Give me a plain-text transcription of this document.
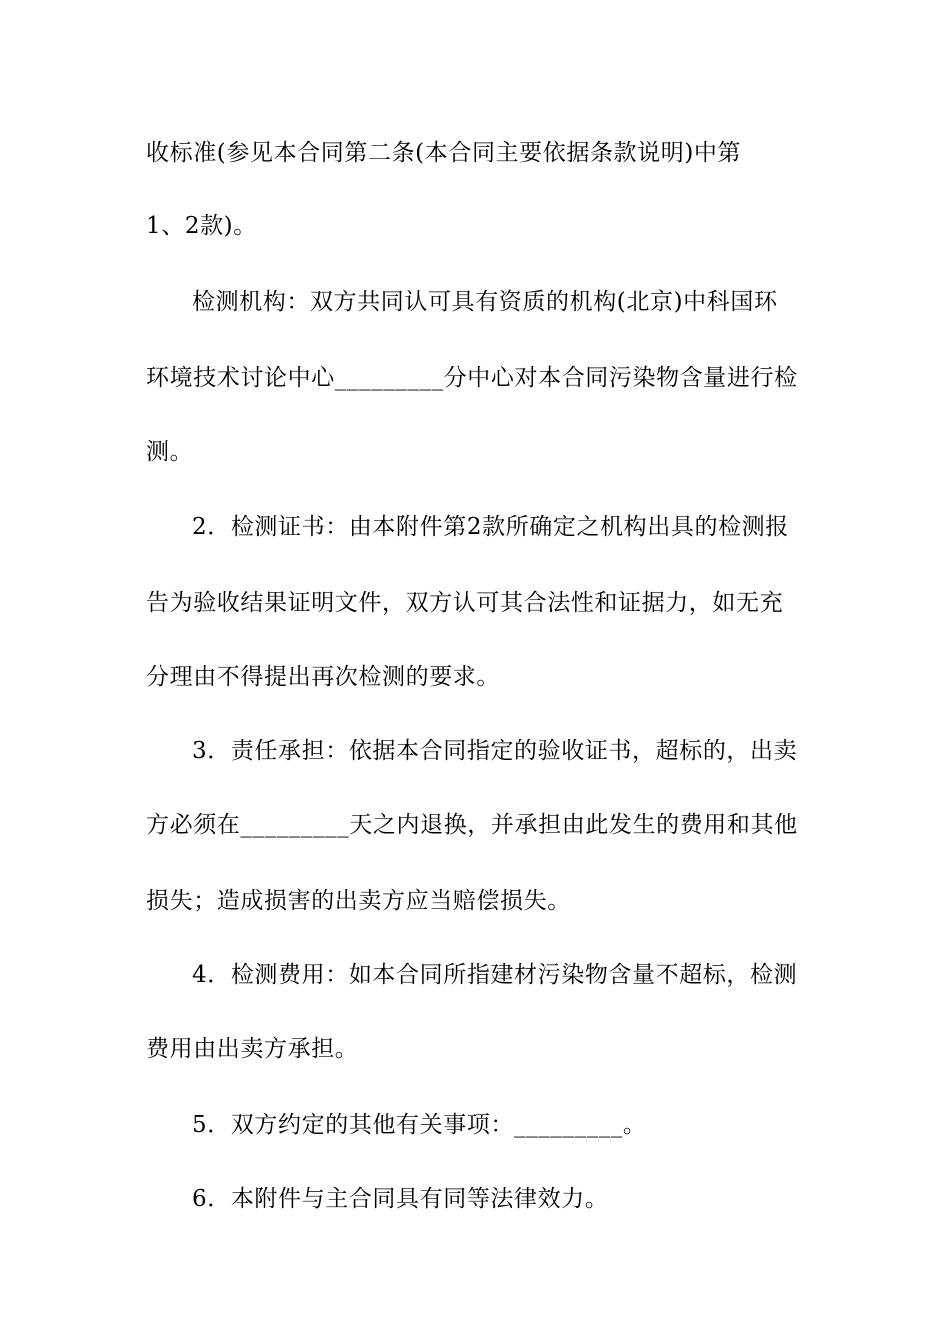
收标准(参见本合同第二条(本合同主要依据条款说明)中第
1、2款)。
检测机构：双方共同认可具有资质的机构(北京)中科国环
环境技术讨论中心_________分中心对本合同污染物含量进行检
测。
2．检测证书：由本附件第2款所确定之机构出具的检测报
告为验收结果证明文件，双方认可其合法性和证据力，如无充
分理由不得提出再次检测的要求。
3．责任承担：依据本合同指定的验收证书，超标的，出卖
方必须在_________天之内退换，并承担由此发生的费用和其他
损失；造成损害的出卖方应当赔偿损失。
4．检测费用：如本合同所指建材污染物含量不超标，检测
费用由出卖方承担。
5．双方约定的其他有关事项：_________。
6．本附件与主合同具有同等法律效力。
